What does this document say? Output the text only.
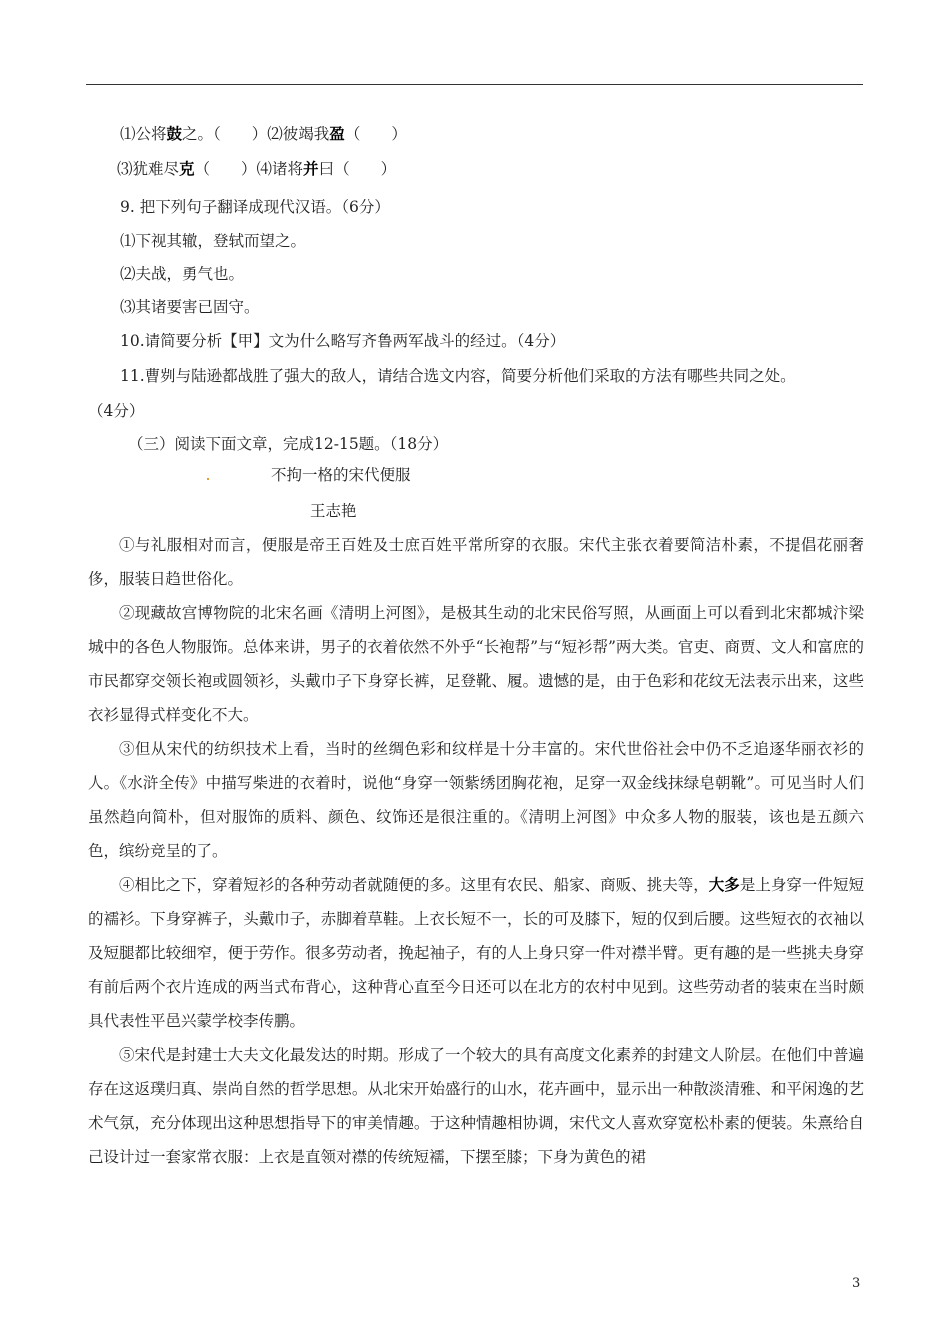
⑴公将鼓之。（　　）⑵彼竭我盈（　　）
⑶犹难尽克（　　）⑷诸将并曰（　　）
9. 把下列句子翻译成现代汉语。（6分）
⑴下视其辙，登轼而望之。
⑵夫战，勇气也。
⑶其诸要害已固守。
10.请简要分析【甲】文为什么略写齐鲁两军战斗的经过。（4分）
11.曹刿与陆逊都战胜了强大的敌人，请结合选文内容，简要分析他们采取的方法有哪些共同之处。
（4分）
（三）阅读下面文章，完成12-15题。（18分）
不拘一格的宋代便服
王志艳

①与礼服相对而言，便服是帝王百姓及士庶百姓平常所穿的衣服。宋代主张衣着要简洁朴素，不提倡花丽奢侈，服装日趋世俗化。

②现藏故宫博物院的北宋名画《清明上河图》，是极其生动的北宋民俗写照，从画面上可以看到北宋都城汴梁城中的各色人物服饰。总体来讲，男子的衣着依然不外乎“长袍帮”与“短衫帮”两大类。官吏、商贾、文人和富庶的市民都穿交领长袍或圆领衫，头戴巾子下身穿长裤，足登靴、履。遗憾的是，由于色彩和花纹无法表示出来，这些衣衫显得式样变化不大。

③但从宋代的纺织技术上看，当时的丝绸色彩和纹样是十分丰富的。宋代世俗社会中仍不乏追逐华丽衣衫的人。《水浒全传》中描写柴进的衣着时，说他“身穿一领紫绣团胸花袍，足穿一双金线抹绿皂朝靴”。可见当时人们虽然趋向简朴，但对服饰的质料、颜色、纹饰还是很注重的。《清明上河图》中众多人物的服装，该也是五颜六色，缤纷竞呈的了。

④相比之下，穿着短衫的各种劳动者就随便的多。这里有农民、船家、商贩、挑夫等，大多是上身穿一件短短的襦衫。下身穿裤子，头戴巾子，赤脚着草鞋。上衣长短不一，长的可及膝下，短的仅到后腰。这些短衣的衣袖以及短腿都比较细窄，便于劳作。很多劳动者，挽起袖子，有的人上身只穿一件对襟半臂。更有趣的是一些挑夫身穿有前后两个衣片连成的两当式布背心，这种背心直至今日还可以在北方的农村中见到。这些劳动者的装束在当时颇具代表性平邑兴蒙学校李传鹏。

⑤宋代是封建士大夫文化最发达的时期。形成了一个较大的具有高度文化素养的封建文人阶层。在他们中普遍存在这返璞归真、崇尚自然的哲学思想。从北宋开始盛行的山水，花卉画中，显示出一种散淡清雅、和平闲逸的艺术气氛，充分体现出这种思想指导下的审美情趣。于这种情趣相协调，宋代文人喜欢穿宽松朴素的便装。朱熹给自己设计过一套家常衣服：上衣是直领对襟的传统短襦，下摆至膝；下身为黄色的裙

3
